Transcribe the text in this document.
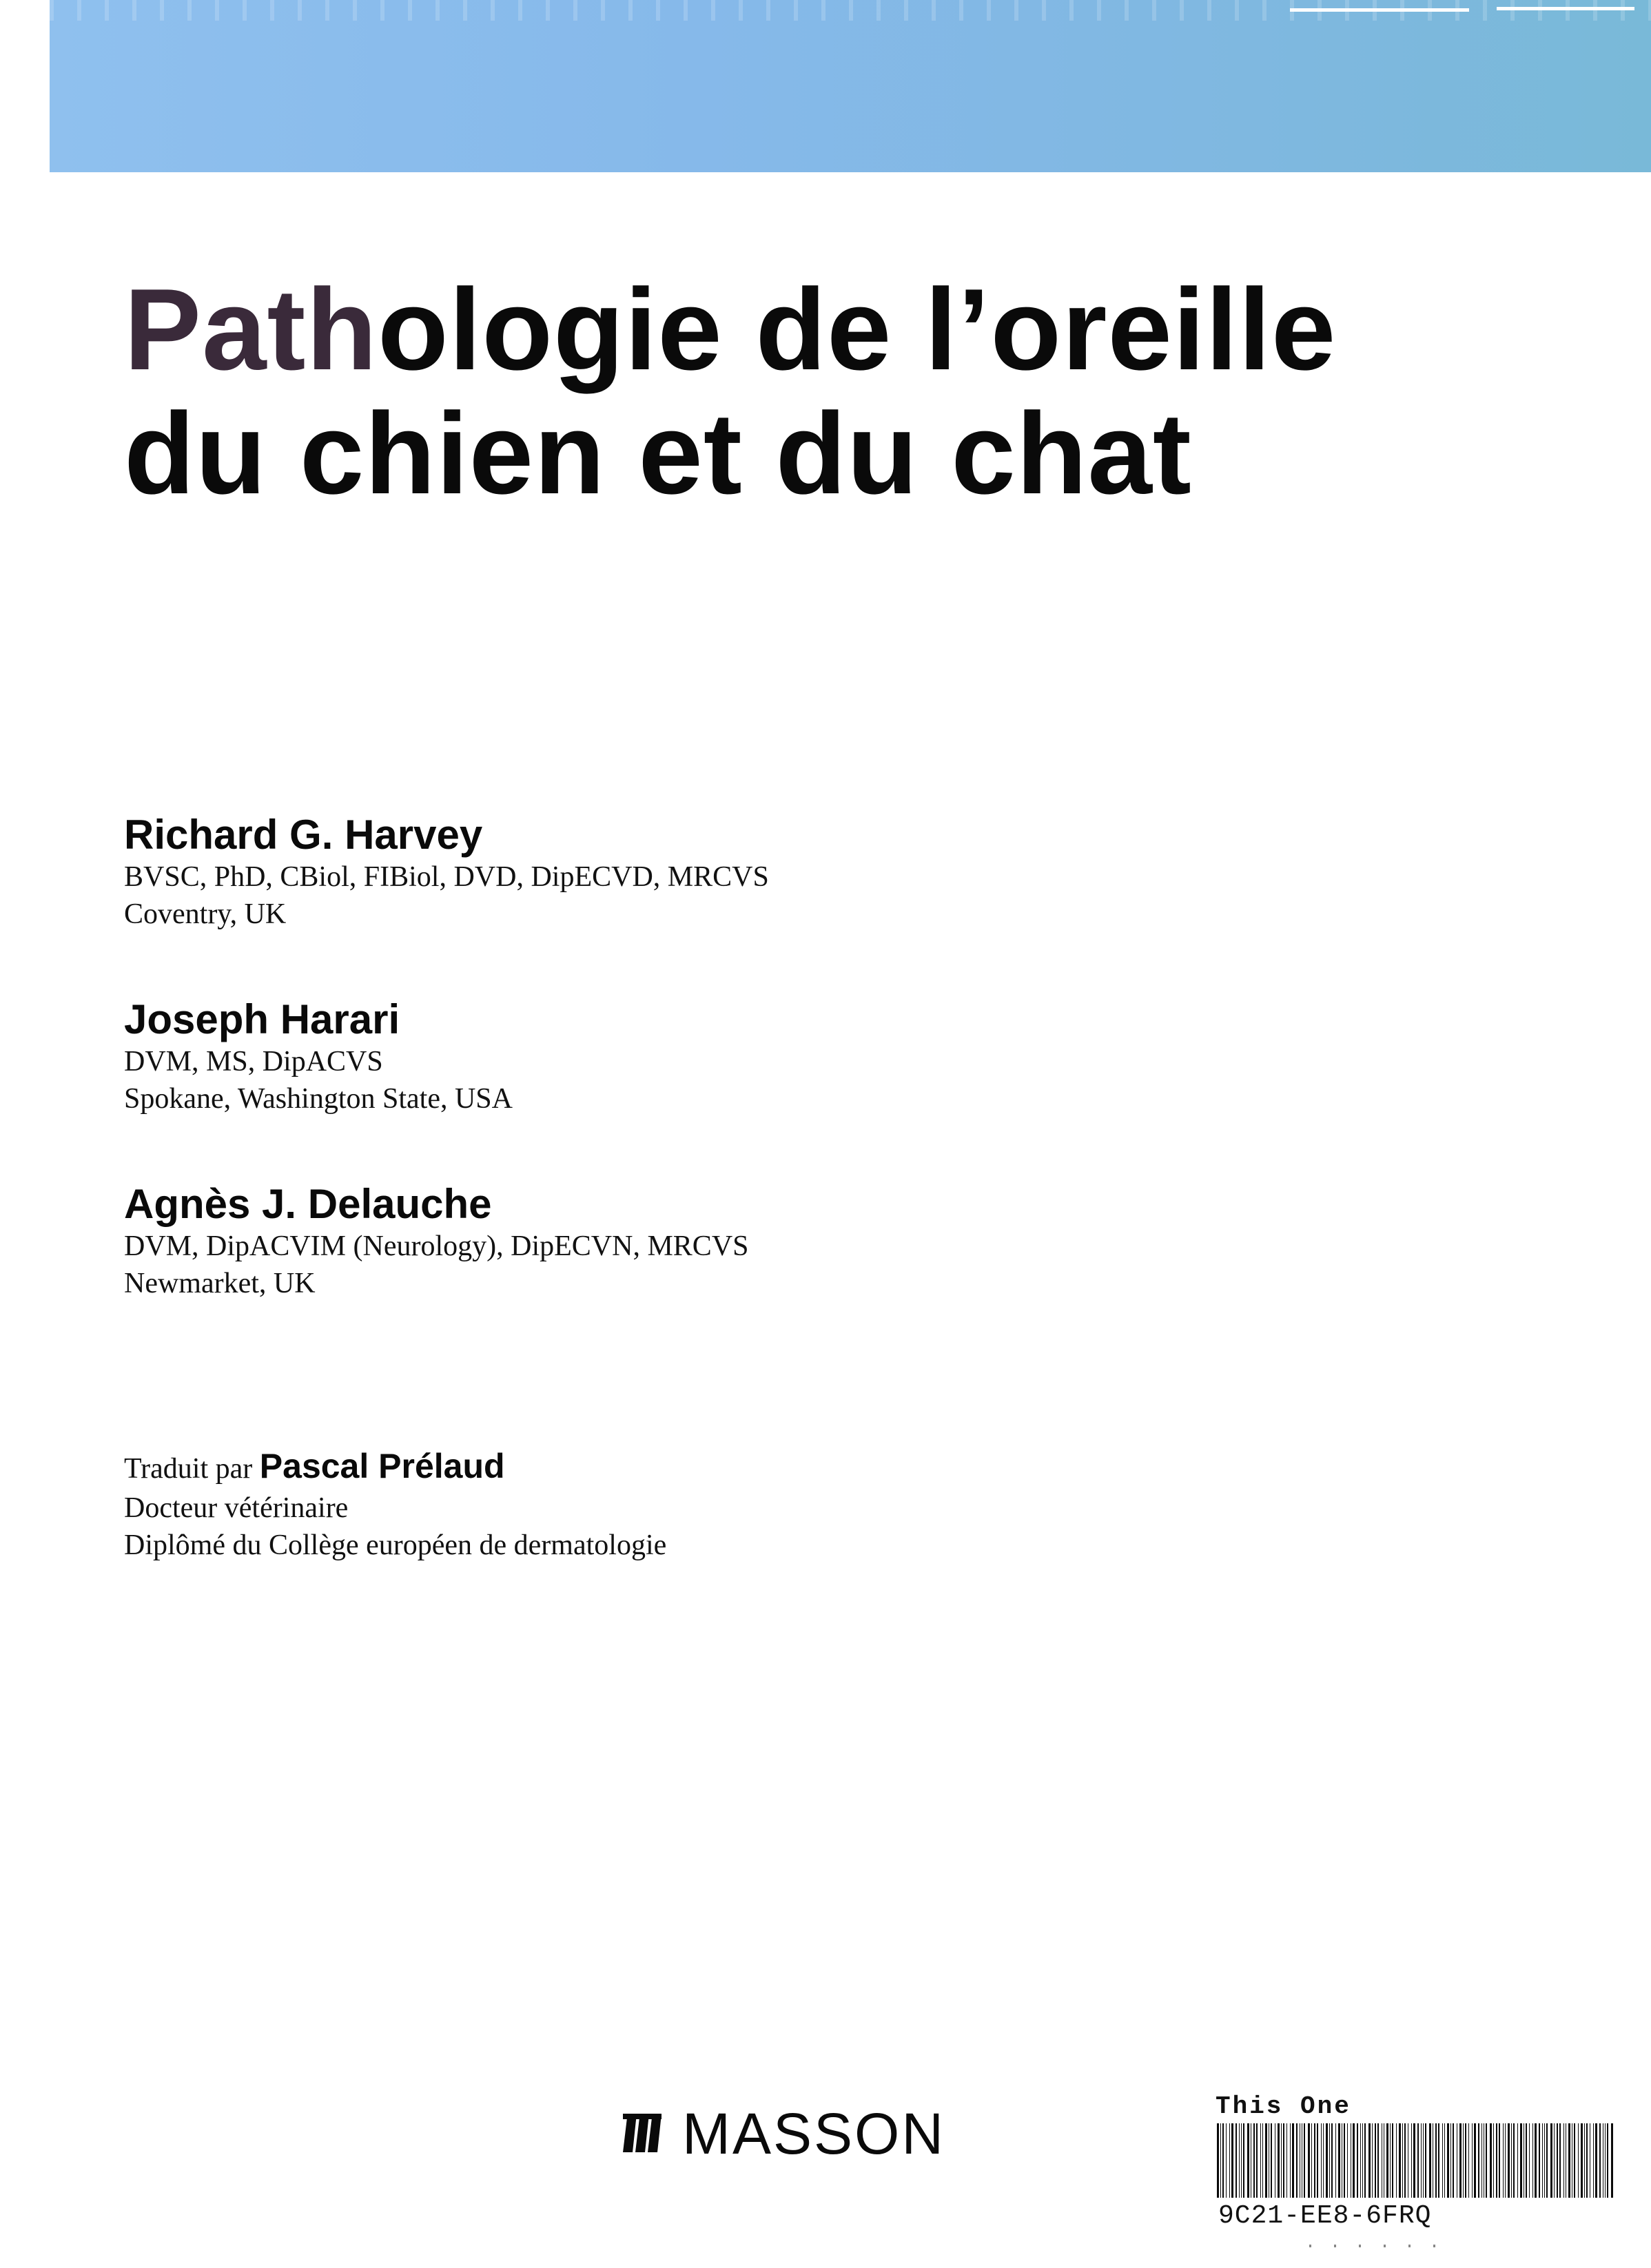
Pathologie de l’oreille
du chien et du chat

Richard G. Harvey

BVSC, PhD, CBiol, FIBiol, DVD, DipECVD, MRCVS

Coventry, UK

Joseph Harari

DVM, MS, DipACVS

Spokane, Washington State, USA

Agnès J. Delauche

DVM, DipACVIM (Neurology), DipECVN, MRCVS

Newmarket, UK

Traduit par Pascal Prélaud

Docteur vétérinaire

Diplômé du Collège européen de dermatologie

MASSON	This One

9C21-EE8-6FRQ
